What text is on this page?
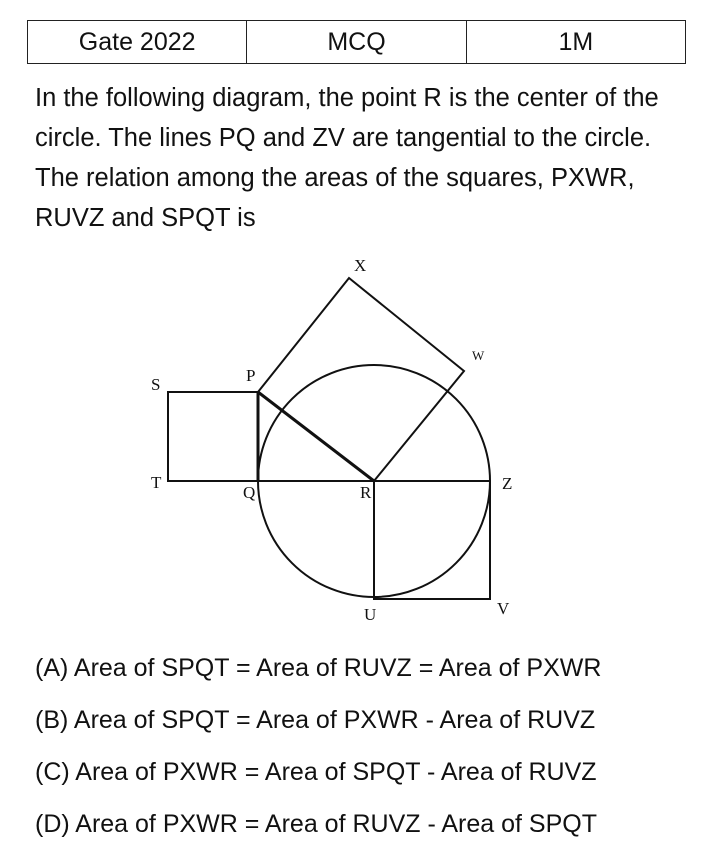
Gate 2022	MCQ	1M

In the following diagram, the point R is the center of the circle. The lines PQ and ZV are tangential to the circle. The relation among the areas of the squares, PXWR, RUVZ and SPQT is

X
W
S	P
T
Q	R	Z
U	V
(A) Area of SPQT = Area of RUVZ = Area of PXWR
(B) Area of SPQT = Area of PXWR - Area of RUVZ
(C) Area of PXWR = Area of SPQT - Area of RUVZ
(D) Area of PXWR = Area of RUVZ - Area of SPQT
